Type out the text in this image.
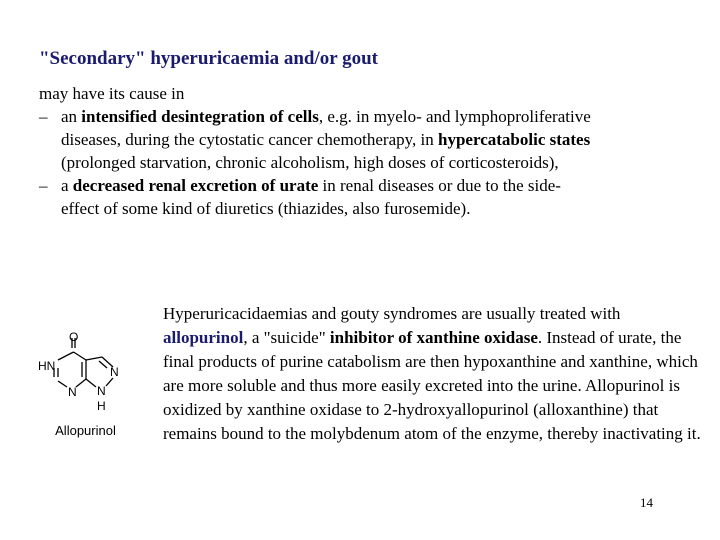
"Secondary" hyperuricaemia and/or gout
may have its cause in
– an intensified desintegration of cells, e.g. in myelo- and lymphoproliferative
diseases, during the cytostatic cancer chemotherapy, in hypercatabolic states
(prolonged starvation, chronic alcoholism, high doses of corticosteroids),
– a decreased renal excretion of urate in renal diseases or due to the side-
effect of some kind of diuretics (thiazides, also furosemide).
O
HN
N
N
N
H
Allopurinol
Hyperuricacidaemias and gouty syndromes are usually treated with allopurinol, a "suicide" inhibitor of xanthine oxidase. Instead of urate, the final products of purine catabolism are then hypoxanthine and xanthine, which are more soluble and thus more easily excreted into the urine. Allopurinol is oxidized by xanthine oxidase to 2-hydroxyallopurinol (alloxanthine) that remains bound to the molybdenum atom of the enzyme, thereby inactivating it.
14
